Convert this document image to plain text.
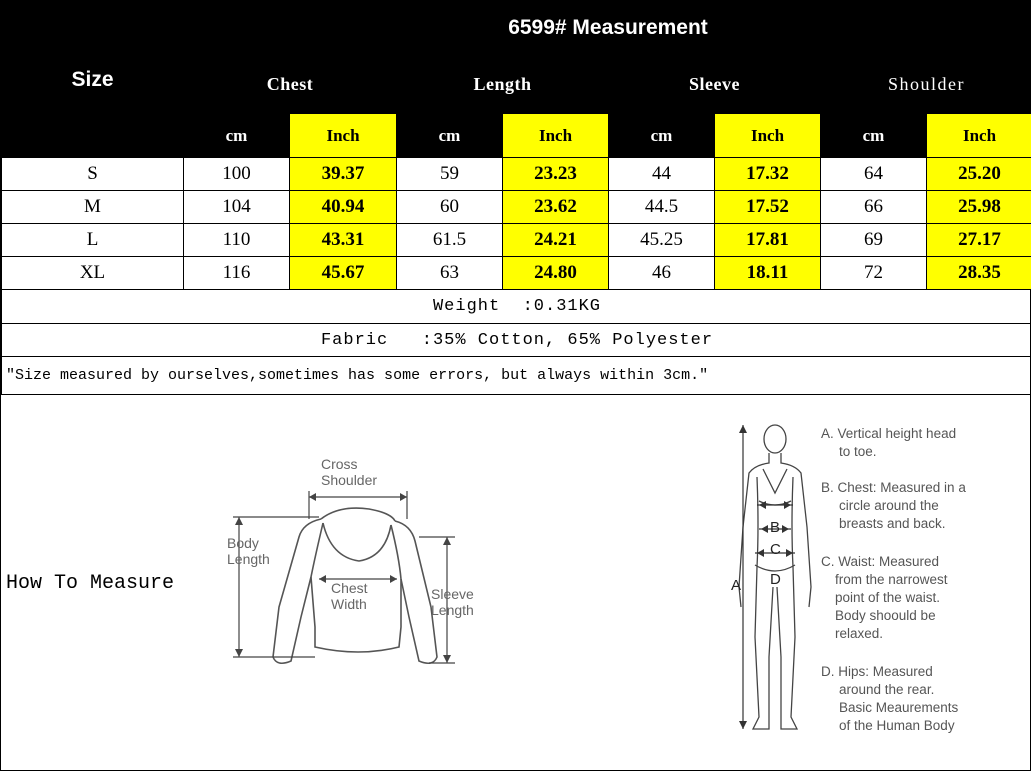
Size	6599# Measurement							
	Chest		Length		Sleeve		Shoulder	
	cm	Inch	cm	Inch	cm	Inch	cm	Inch
S	100	39.37	59	23.23	44	17.32	64	25.20
M	104	40.94	60	23.62	44.5	17.52	66	25.98
L	110	43.31	61.5	24.21	45.25	17.81	69	27.17
XL	116	45.67	63	24.80	46	18.11	72	28.35
Weight  :0.31KG								
Fabric   :35% Cotton, 65% Polyester								
"Size measured by ourselves,sometimes has some errors, but always within 3cm."								
How To Measure
Cross
Shoulder
Body
Length
Chest
Width
Sleeve
Length
A
B
C
D
A. Vertical height head
to toe.
B. Chest: Measured in a
circle around the
breasts and back.
C. Waist: Measured
from the narrowest
point of the waist.
Body shoould be
relaxed.
D. Hips: Measured
around the rear.
Basic Meaurements
of the Human Body
